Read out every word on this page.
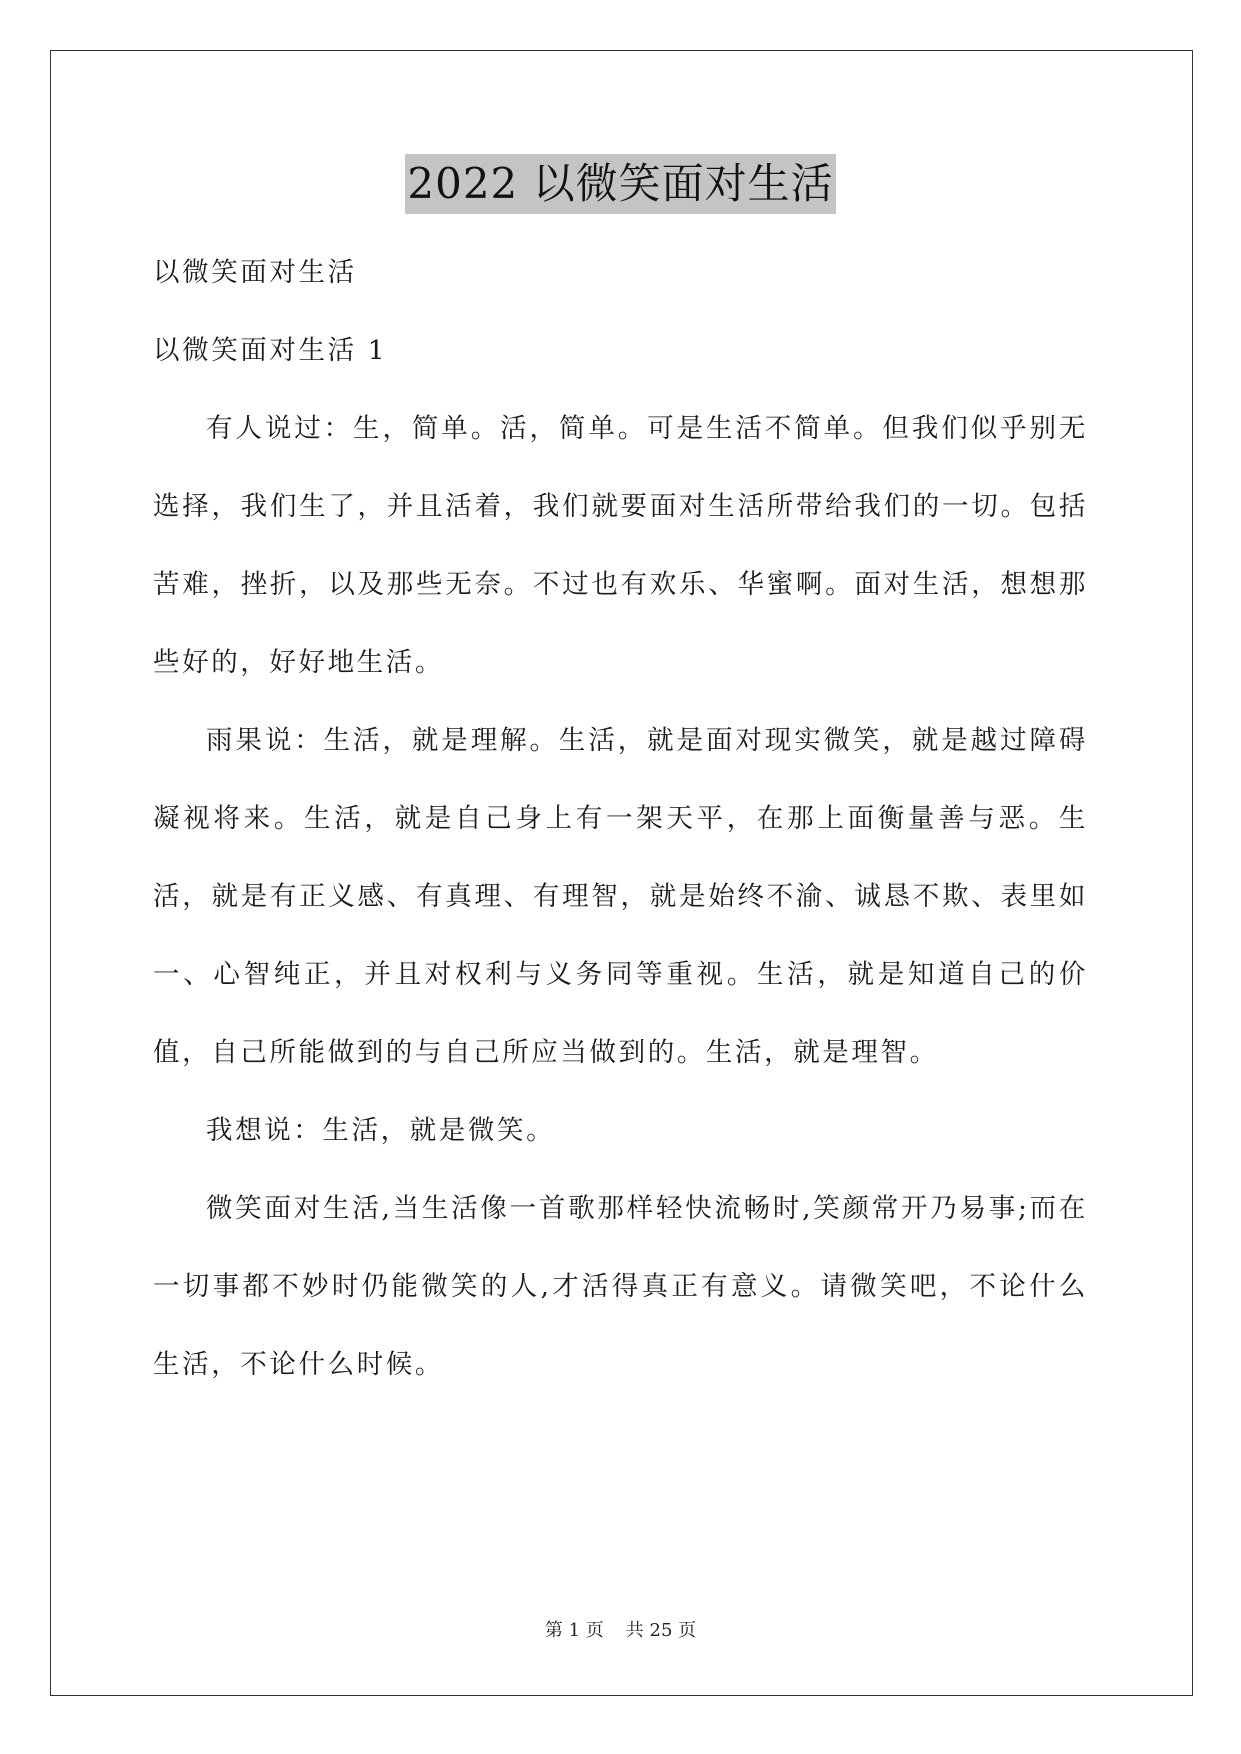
2022 以微笑面对生活

以微笑面对生活

以微笑面对生活 1

有人说过：生，简单。活，简单。可是生活不简单。但我们似乎别无选择，我们生了，并且活着，我们就要面对生活所带给我们的一切。包括苦难，挫折，以及那些无奈。不过也有欢乐、华蜜啊。面对生活，想想那些好的，好好地生活。

雨果说：生活，就是理解。生活，就是面对现实微笑，就是越过障碍凝视将来。生活，就是自己身上有一架天平，在那上面衡量善与恶。生活，就是有正义感、有真理、有理智，就是始终不渝、诚恳不欺、表里如一、心智纯正，并且对权利与义务同等重视。生活，就是知道自己的价值，自己所能做到的与自己所应当做到的。生活，就是理智。

我想说：生活，就是微笑。

微笑面对生活,当生活像一首歌那样轻快流畅时,笑颜常开乃易事;而在一切事都不妙时仍能微笑的人,才活得真正有意义。请微笑吧，不论什么生活，不论什么时候。

第 1 页 共 25 页
